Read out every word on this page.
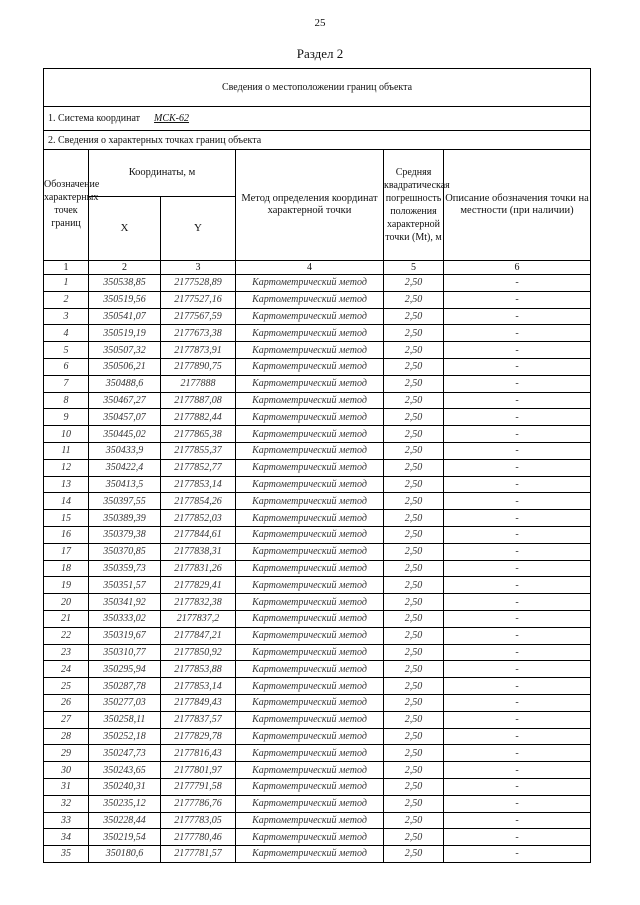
25
Раздел 2
Сведения о местоположении границ объекта					
1. Система координат МСК-62					
2. Сведения о характерных точках границ объекта					
Обозначение характерных точек границ	Координаты, м		Метод определения координат характерной точки	Средняя квадратическая погрешность положения характерной точки (Mt), м	Описание обозначения точки на местности (при наличии)
	X	Y			
1	2	3	4	5	6
1	350538,85	2177528,89	Картометрический метод	2,50	-
2	350519,56	2177527,16	Картометрический метод	2,50	-
3	350541,07	2177567,59	Картометрический метод	2,50	-
4	350519,19	2177673,38	Картометрический метод	2,50	-
5	350507,32	2177873,91	Картометрический метод	2,50	-
6	350506,21	2177890,75	Картометрический метод	2,50	-
7	350488,6	2177888	Картометрический метод	2,50	-
8	350467,27	2177887,08	Картометрический метод	2,50	-
9	350457,07	2177882,44	Картометрический метод	2,50	-
10	350445,02	2177865,38	Картометрический метод	2,50	-
11	350433,9	2177855,37	Картометрический метод	2,50	-
12	350422,4	2177852,77	Картометрический метод	2,50	-
13	350413,5	2177853,14	Картометрический метод	2,50	-
14	350397,55	2177854,26	Картометрический метод	2,50	-
15	350389,39	2177852,03	Картометрический метод	2,50	-
16	350379,38	2177844,61	Картометрический метод	2,50	-
17	350370,85	2177838,31	Картометрический метод	2,50	-
18	350359,73	2177831,26	Картометрический метод	2,50	-
19	350351,57	2177829,41	Картометрический метод	2,50	-
20	350341,92	2177832,38	Картометрический метод	2,50	-
21	350333,02	2177837,2	Картометрический метод	2,50	-
22	350319,67	2177847,21	Картометрический метод	2,50	-
23	350310,77	2177850,92	Картометрический метод	2,50	-
24	350295,94	2177853,88	Картометрический метод	2,50	-
25	350287,78	2177853,14	Картометрический метод	2,50	-
26	350277,03	2177849,43	Картометрический метод	2,50	-
27	350258,11	2177837,57	Картометрический метод	2,50	-
28	350252,18	2177829,78	Картометрический метод	2,50	-
29	350247,73	2177816,43	Картометрический метод	2,50	-
30	350243,65	2177801,97	Картометрический метод	2,50	-
31	350240,31	2177791,58	Картометрический метод	2,50	-
32	350235,12	2177786,76	Картометрический метод	2,50	-
33	350228,44	2177783,05	Картометрический метод	2,50	-
34	350219,54	2177780,46	Картометрический метод	2,50	-
35	350180,6	2177781,57	Картометрический метод	2,50	-
